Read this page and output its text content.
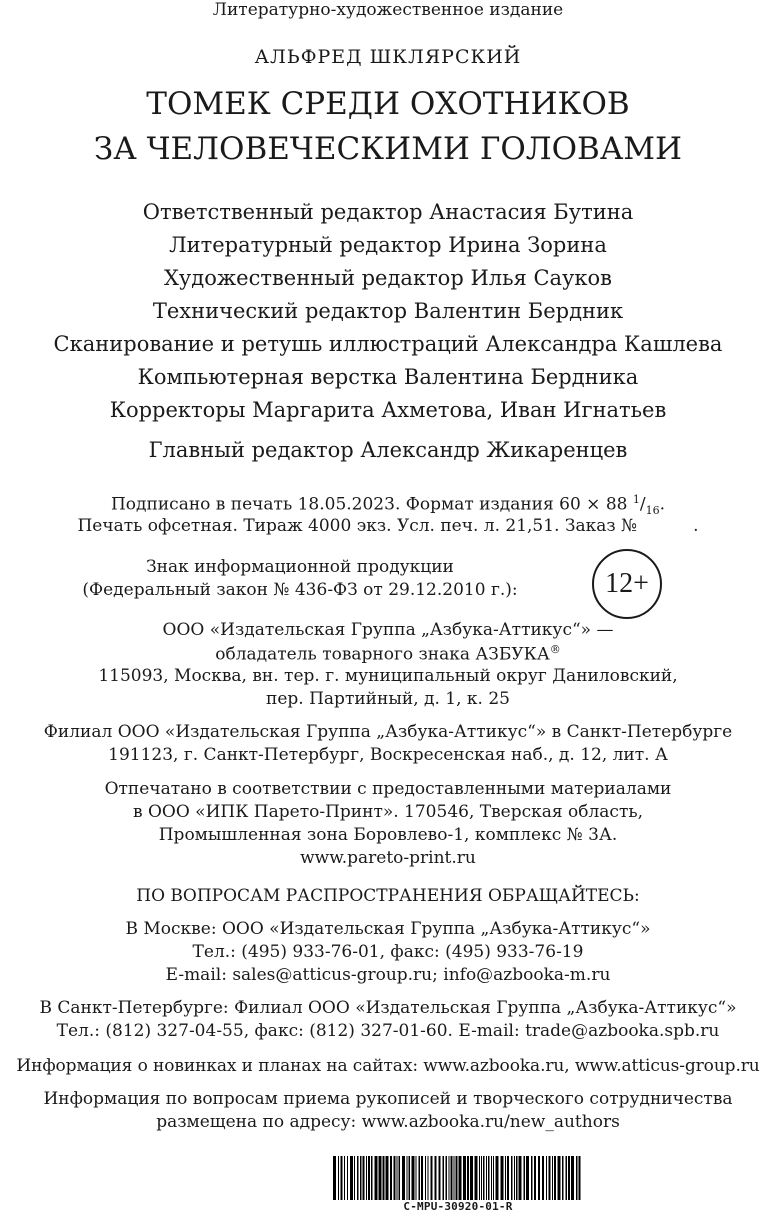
Литературно-художественное издание
АЛЬФРЕД ШКЛЯРСКИЙ
ТОМЕК СРЕДИ ОХОТНИКОВ
ЗА ЧЕЛОВЕЧЕСКИМИ ГОЛОВАМИ
Ответственный редактор Анастасия Бутина
Литературный редактор Ирина Зорина
Художественный редактор Илья Сауков
Технический редактор Валентин Бердник
Сканирование и ретушь иллюстраций Александра Кашлева
Компьютерная верстка Валентина Бердника
Корректоры Маргарита Ахметова, Иван Игнатьев
Главный редактор Александр Жикаренцев
Подписано в печать 18.05.2023. Формат издания 60 × 88 $^1/_{16}$.
Печать офсетная. Тираж 4000 экз. Усл. печ. л. 21,51. Заказ №	.
Знак информационной продукции
(Федеральный закон № 436-ФЗ от 29.12.2010 г.):	12+
ООО «Издательская Группа „Азбука-Аттикус“» —
обладатель товарного знака АЗБУКА®
115093, Москва, вн. тер. г. муниципальный округ Даниловский,
пер. Партийный, д. 1, к. 25
Филиал ООО «Издательская Группа „Азбука-Аттикус“» в Санкт-Петербурге
191123, г. Санкт-Петербург, Воскресенская наб., д. 12, лит. А
Отпечатано в соответствии с предоставленными материалами
в ООО «ИПК Парето-Принт». 170546, Тверская область,
Промышленная зона Боровлево-1, комплекс № 3А.
www.pareto-print.ru
ПО ВОПРОСАМ РАСПРОСТРАНЕНИЯ ОБРАЩАЙТЕСЬ:
В Москве: ООО «Издательская Группа „Азбука-Аттикус“»
Тел.: (495) 933-76-01, факс: (495) 933-76-19
E-mail: sales@atticus-group.ru; info@azbooka-m.ru
В Санкт-Петербурге: Филиал ООО «Издательская Группа „Азбука-Аттикус“»
Тел.: (812) 327-04-55, факс: (812) 327-01-60. E-mail: trade@azbooka.spb.ru
Информация о новинках и планах на сайтах: www.azbooka.ru, www.atticus-group.ru
Информация по вопросам приема рукописей и творческого сотрудничества
размещена по адресу: www.azbooka.ru/new_authors
C-MPU-30920-01-R
